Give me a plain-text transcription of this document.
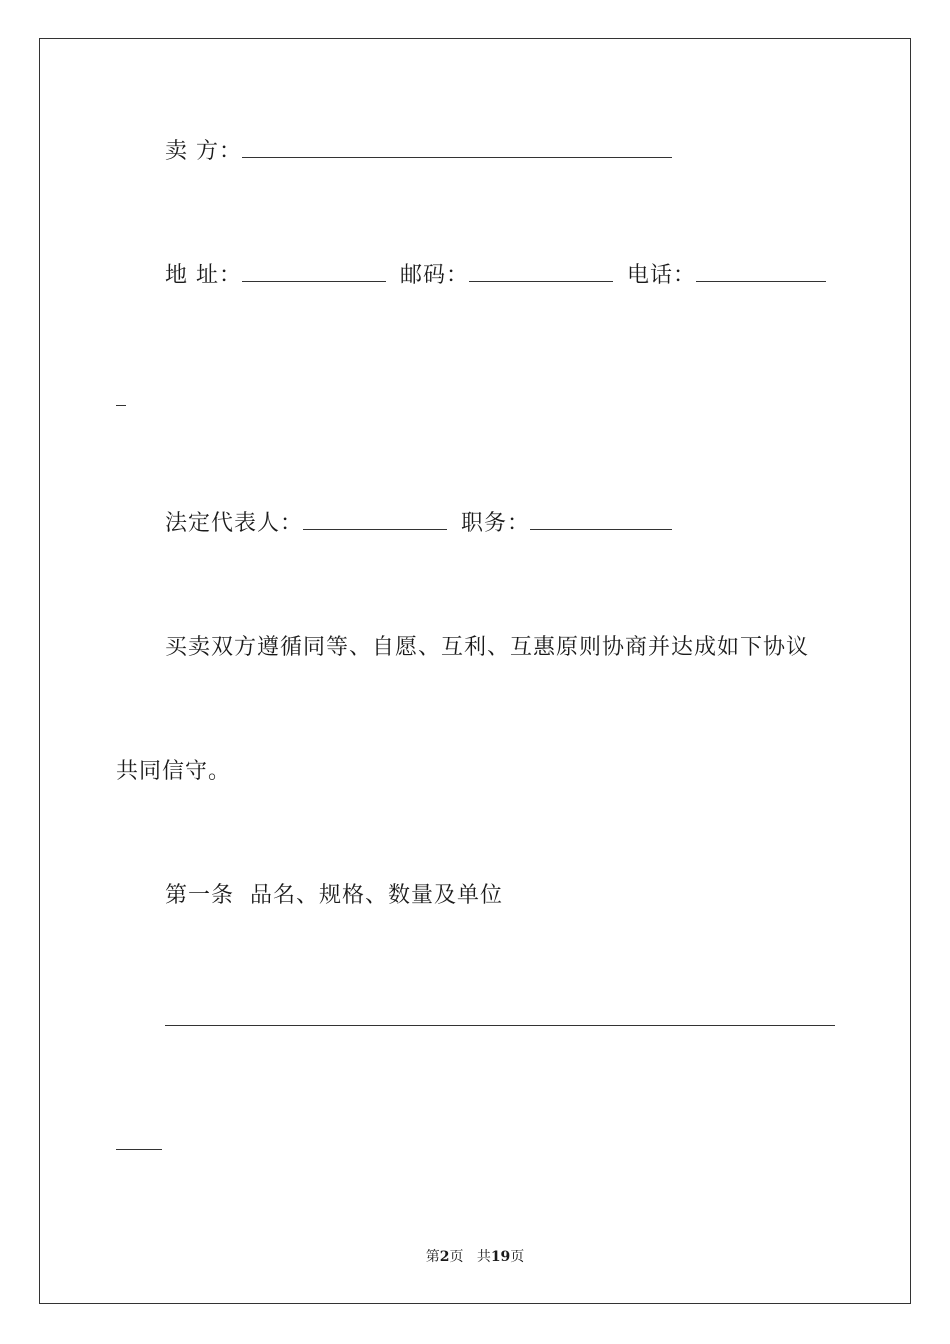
卖 方：
地 址：	邮码：	电话：
法定代表人：	职务：
买卖双方遵循同等、自愿、互利、互惠原则协商并达成如下协议
共同信守。
第一条  品名、规格、数量及单位
第2页 共19页
